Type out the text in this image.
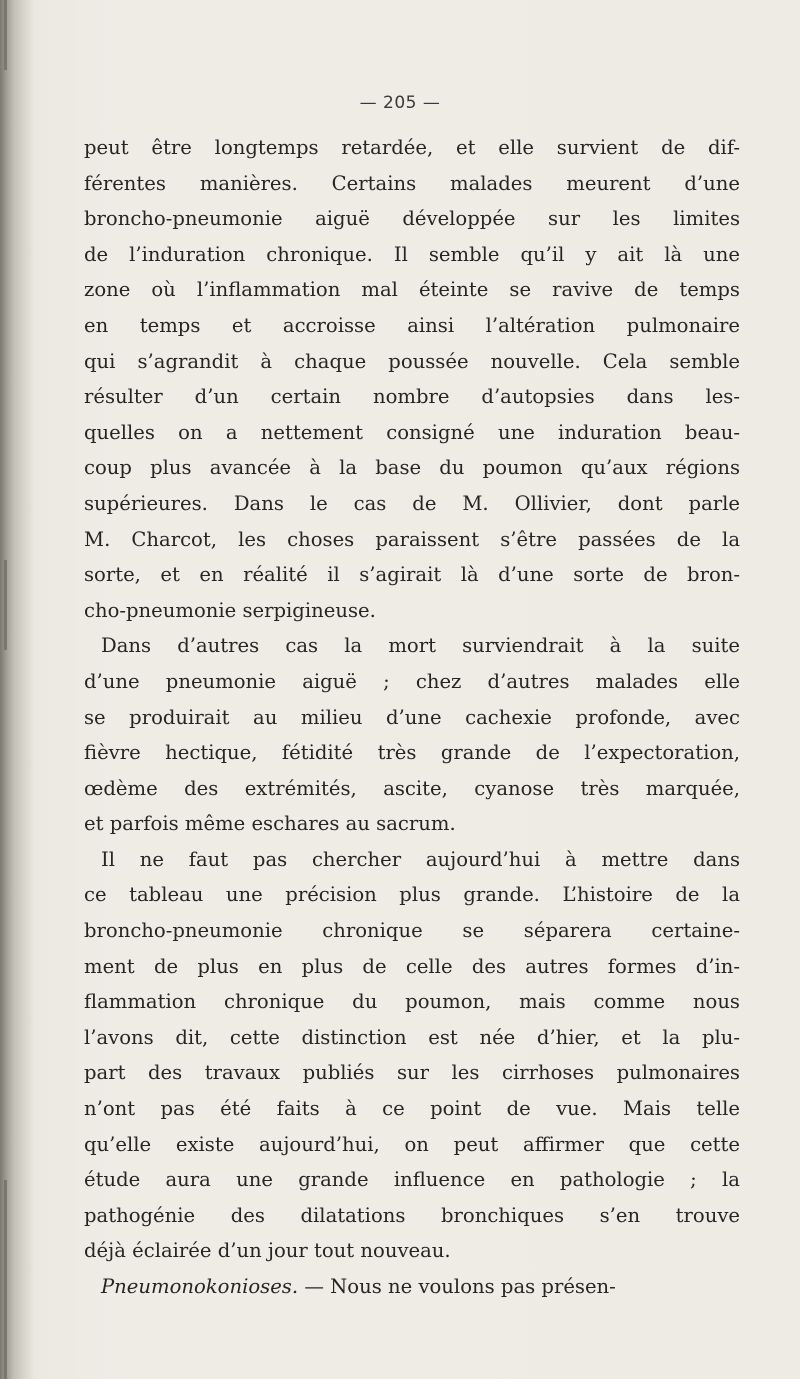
— 205 —
peut être longtemps retardée, et elle survient de dif-
férentes manières. Certains malades meurent d’une
broncho-pneumonie aiguë développée sur les limites
de l’induration chronique. Il semble qu’il y ait là une
zone où l’inflammation mal éteinte se ravive de temps
en temps et accroisse ainsi l’altération pulmonaire
qui s’agrandit à chaque poussée nouvelle. Cela semble
résulter d’un certain nombre d’autopsies dans les-
quelles on a nettement consigné une induration beau-
coup plus avancée à la base du poumon qu’aux régions
supérieures. Dans le cas de M. Ollivier, dont parle
M. Charcot, les choses paraissent s’être passées de la
sorte, et en réalité il s’agirait là d’une sorte de bron-
cho-pneumonie serpigineuse.
Dans d’autres cas la mort surviendrait à la suite
d’une pneumonie aiguë ; chez d’autres malades elle
se produirait au milieu d’une cachexie profonde, avec
fièvre hectique, fétidité très grande de l’expectoration,
œdème des extrémités, ascite, cyanose très marquée,
et parfois même eschares au sacrum.
Il ne faut pas chercher aujourd’hui à mettre dans
ce tableau une précision plus grande. L’histoire de la
broncho-pneumonie chronique se séparera certaine-
ment de plus en plus de celle des autres formes d’in-
flammation chronique du poumon, mais comme nous
l’avons dit, cette distinction est née d’hier, et la plu-
part des travaux publiés sur les cirrhoses pulmonaires
n’ont pas été faits à ce point de vue. Mais telle
qu’elle existe aujourd’hui, on peut affirmer que cette
étude aura une grande influence en pathologie ; la
pathogénie des dilatations bronchiques s’en trouve
déjà éclairée d’un jour tout nouveau.
Pneumonokonioses. — Nous ne voulons pas présen-
